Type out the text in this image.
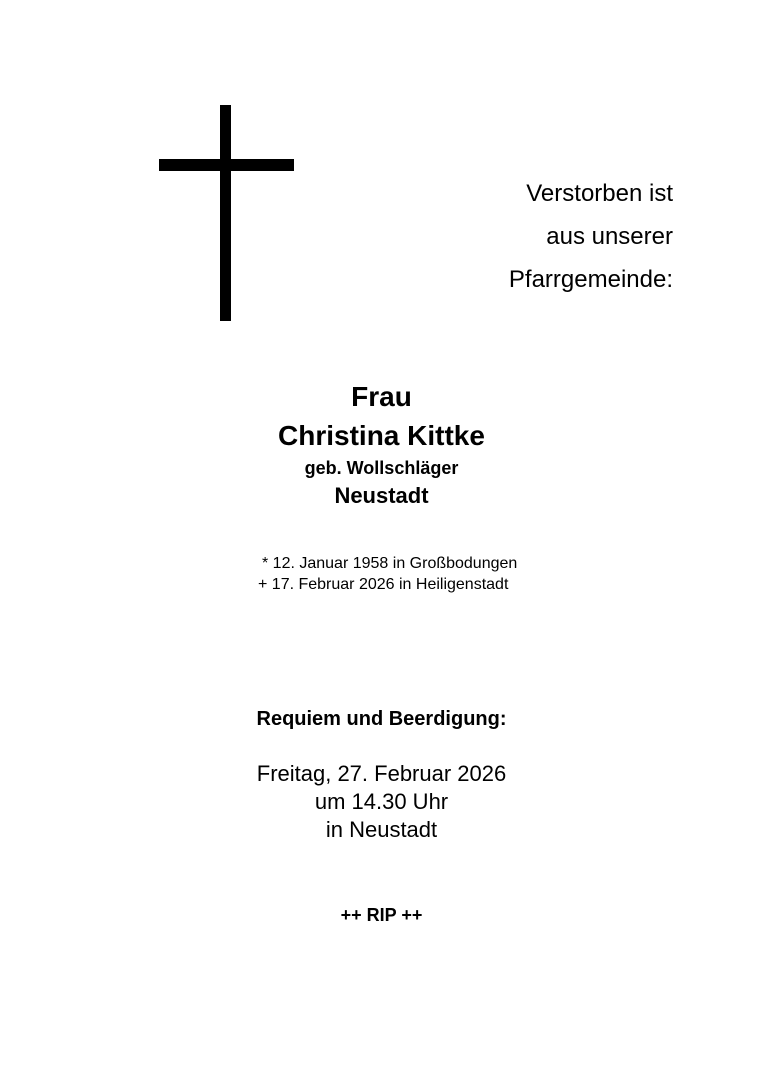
Verstorben ist
aus unserer
Pfarrgemeinde:
Frau
Christina Kittke
geb. Wollschläger
Neustadt
* 12. Januar 1958 in Großbodungen
+ 17. Februar 2026 in Heiligenstadt
Requiem und Beerdigung:
Freitag, 27. Februar 2026
um 14.30 Uhr
in Neustadt
++ RIP ++
